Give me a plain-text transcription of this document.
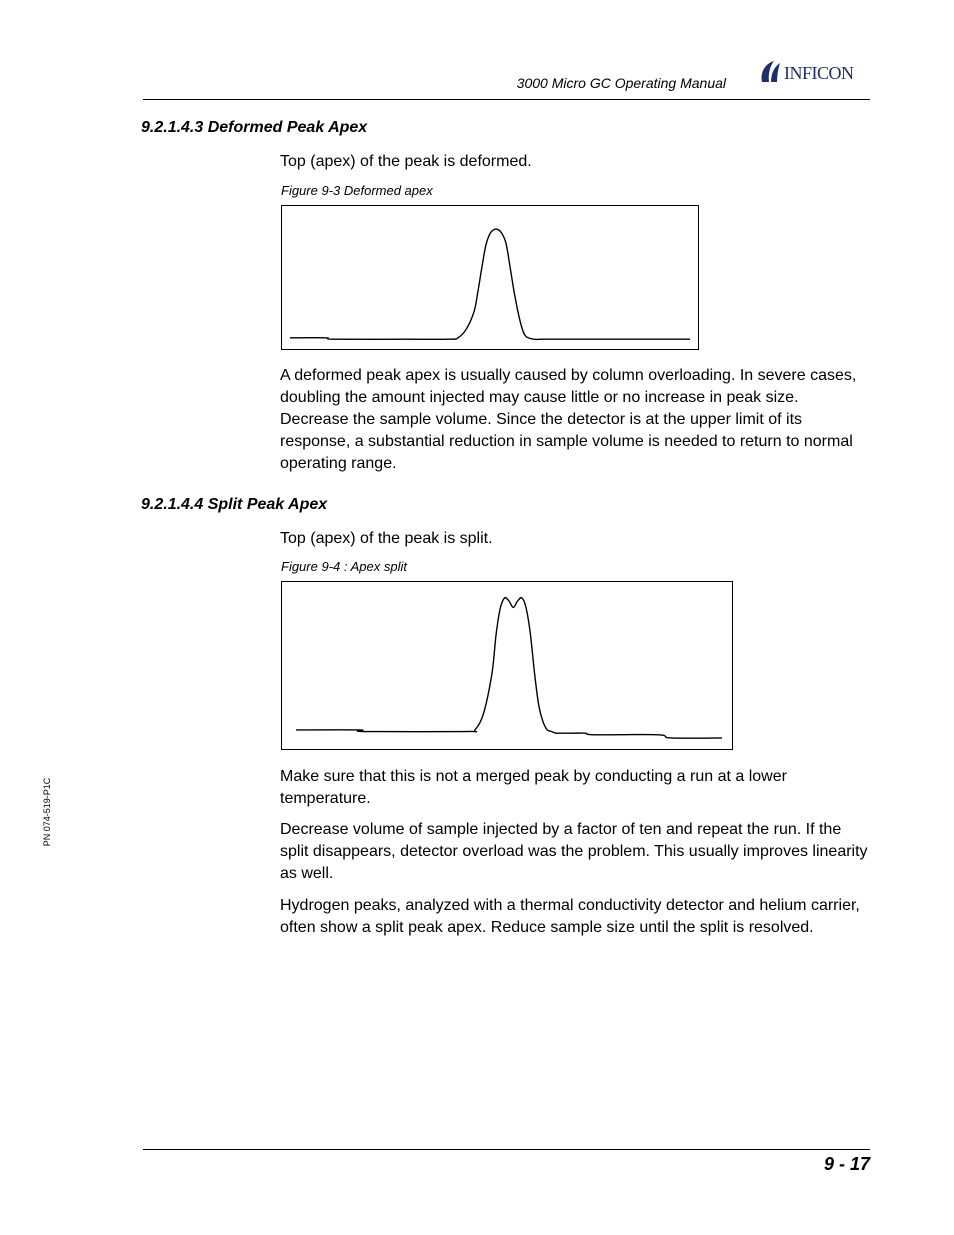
3000 Micro GC Operating Manual	INFICON
9.2.1.4.3 Deformed Peak Apex
Top (apex) of the peak is deformed.
Figure 9-3 Deformed apex
A deformed peak apex is usually caused by column overloading. In severe cases, doubling the amount injected may cause little or no increase in peak size. Decrease the sample volume. Since the detector is at the upper limit of its response, a substantial reduction in sample volume is needed to return to normal operating range.
9.2.1.4.4 Split Peak Apex
Top (apex) of the peak is split.
Figure 9-4 : Apex split
Make sure that this is not a merged peak by conducting a run at a lower temperature.
Decrease volume of sample injected by a factor of ten and repeat the run. If the split disappears, detector overload was the problem. This usually improves linearity as well.
Hydrogen peaks, analyzed with a thermal conductivity detector and helium carrier, often show a split peak apex. Reduce sample size until the split is resolved.
PN 074-519-P1C
9 - 17
